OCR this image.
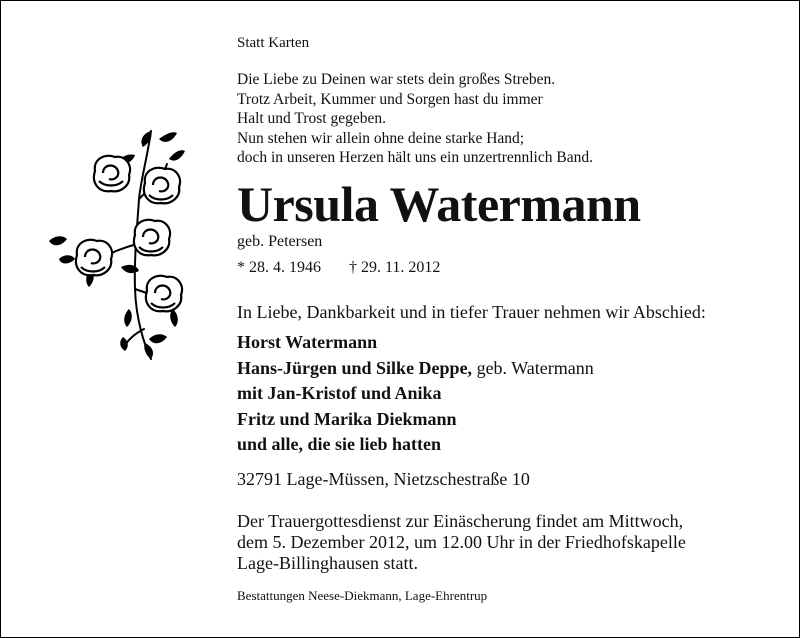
Statt Karten
Die Liebe zu Deinen war stets dein großes Streben.
Trotz Arbeit, Kummer und Sorgen hast du immer
Halt und Trost gegeben.
Nun stehen wir allein ohne deine starke Hand;
doch in unseren Herzen hält uns ein unzertrennlich Band.
Ursula Watermann
geb. Petersen
* 28. 4. 1946 † 29. 11. 2012
In Liebe, Dankbarkeit und in tiefer Trauer nehmen wir Abschied:
Horst Watermann
Hans-Jürgen und Silke Deppe, geb. Watermann
mit Jan-Kristof und Anika
Fritz und Marika Diekmann
und alle, die sie lieb hatten
32791 Lage-Müssen, Nietzschestraße 10
Der Trauergottesdienst zur Einäscherung findet am Mittwoch,
dem 5. Dezember 2012, um 12.00 Uhr in der Friedhofskapelle
Lage-Billinghausen statt.
Bestattungen Neese-Diekmann, Lage-Ehrentrup
